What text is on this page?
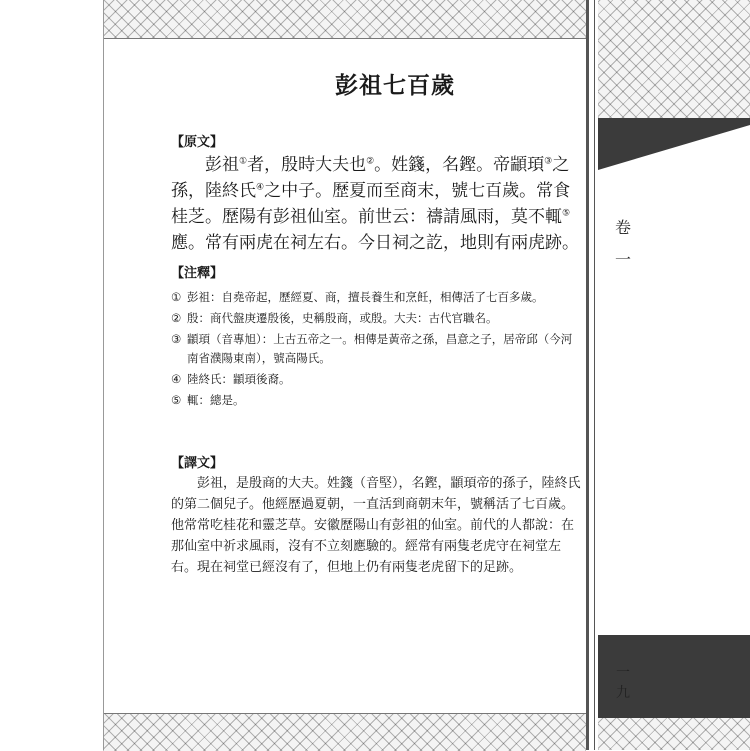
卷
一
一
九
彭祖七百歲
【原文】

彭祖①者，殷時大夫也②。姓籛，名鏗。帝顓頊③之孫，陸終氏④之中子。歷夏而至商末，號七百歲。常食桂芝。歷陽有彭祖仙室。前世云：禱請風雨，莫不輒⑤應。常有兩虎在祠左右。今日祠之訖，地則有兩虎跡。

【注釋】
① 彭祖：自堯帝起，歷經夏、商，擅長養生和烹飪，相傳活了七百多歲。
② 殷：商代盤庚遷殷後，史稱殷商，或殷。大夫：古代官職名。
③ 顓頊（音專旭）：上古五帝之一。相傳是黃帝之孫，昌意之子，居帝邱（今河南省濮陽東南），號高陽氏。
④ 陸終氏：顓頊後裔。
⑤ 輒：總是。
【譯文】

彭祖，是殷商的大夫。姓籛（音堅），名鏗，顓頊帝的孫子，陸終氏的第二個兒子。他經歷過夏朝，一直活到商朝末年，號稱活了七百歲。他常常吃桂花和靈芝草。安徽歷陽山有彭祖的仙室。前代的人都說：在那仙室中祈求風雨，沒有不立刻應驗的。經常有兩隻老虎守在祠堂左右。現在祠堂已經沒有了，但地上仍有兩隻老虎留下的足跡。
